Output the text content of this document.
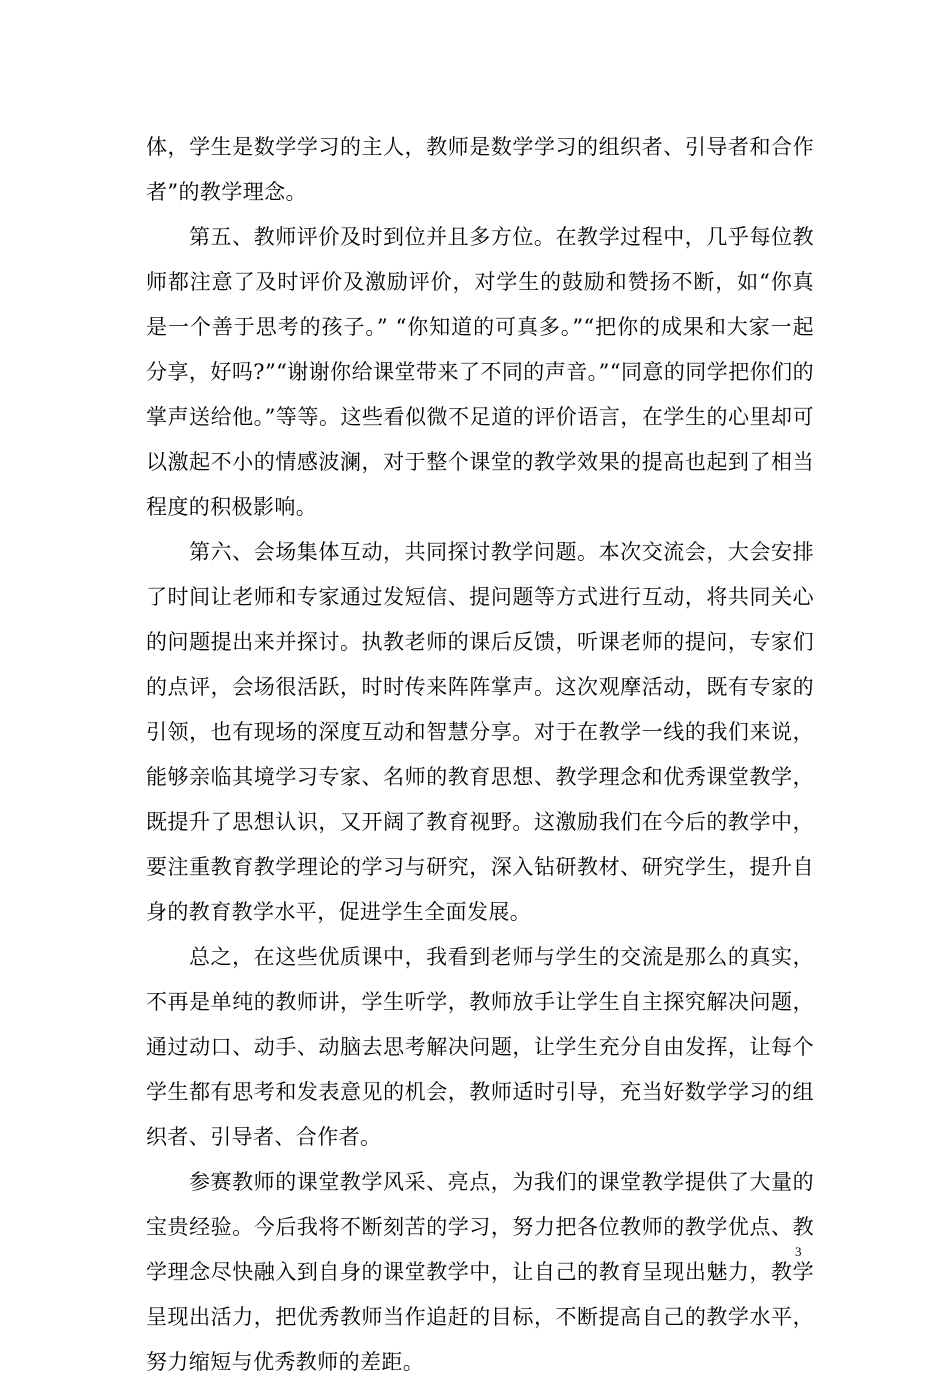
体，学生是数学学习的主人，教师是数学学习的组织者、引导者和合作者”的教学理念。

第五、教师评价及时到位并且多方位。在教学过程中，几乎每位教师都注意了及时评价及激励评价，对学生的鼓励和赞扬不断，如“你真是一个善于思考的孩子。” “你知道的可真多。”“把你的成果和大家一起分享，好吗?”“谢谢你给课堂带来了不同的声音。”“同意的同学把你们的掌声送给他。”等等。这些看似微不足道的评价语言，在学生的心里却可以激起不小的情感波澜，对于整个课堂的教学效果的提高也起到了相当程度的积极影响。

第六、会场集体互动，共同探讨教学问题。本次交流会，大会安排了时间让老师和专家通过发短信、提问题等方式进行互动，将共同关心的问题提出来并探讨。执教老师的课后反馈，听课老师的提问，专家们的点评，会场很活跃，时时传来阵阵掌声。这次观摩活动，既有专家的引领，也有现场的深度互动和智慧分享。对于在教学一线的我们来说，能够亲临其境学习专家、名师的教育思想、教学理念和优秀课堂教学，既提升了思想认识，又开阔了教育视野。这激励我们在今后的教学中，要注重教育教学理论的学习与研究，深入钻研教材、研究学生，提升自身的教育教学水平，促进学生全面发展。

总之，在这些优质课中，我看到老师与学生的交流是那么的真实，不再是单纯的教师讲，学生听学，教师放手让学生自主探究解决问题，通过动口、动手、动脑去思考解决问题，让学生充分自由发挥，让每个学生都有思考和发表意见的机会，教师适时引导，充当好数学学习的组织者、引导者、合作者。

参赛教师的课堂教学风采、亮点，为我们的课堂教学提供了大量的宝贵经验。今后我将不断刻苦的学习，努力把各位教师的教学优点、教学理念尽快融入到自身的课堂教学中，让自己的教育呈现出魅力，教学呈现出活力，把优秀教师当作追赶的目标，不断提高自己的教学水平，努力缩短与优秀教师的差距。

3
